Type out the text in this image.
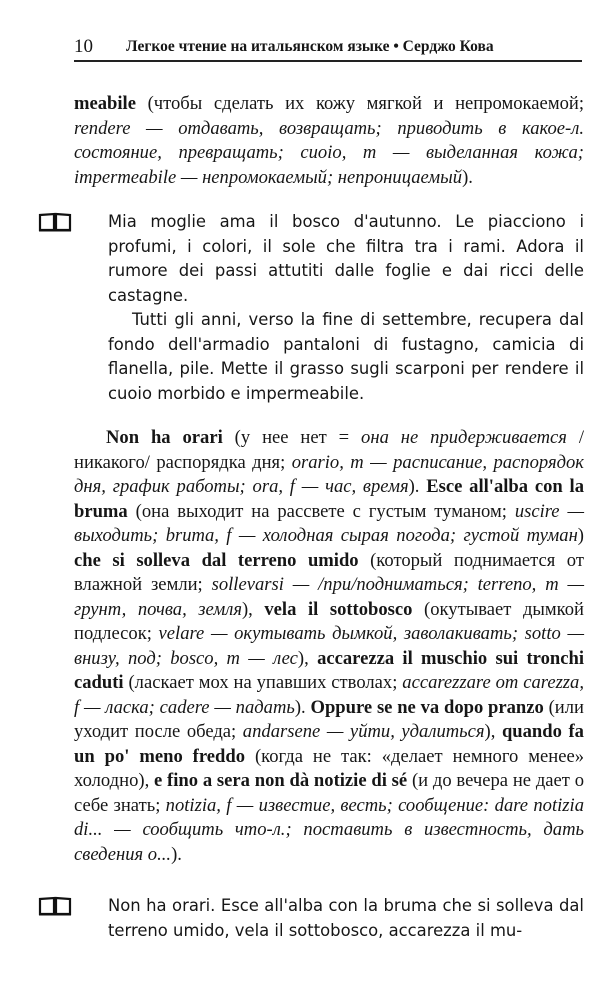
10 Легкое чтение на итальянском языке • Серджо Кова
meabile (чтобы сделать их кожу мягкой и непромокаемой; rendere — отдавать, возвращать; приводить в какое-л. состояние, превращать; cuoio, m — выделанная кожа; impermeabile — непромокаемый; непроницаемый).

Mia moglie ama il bosco d'autunno. Le piacciono i profumi, i colori, il sole che filtra tra i rami. Adora il rumore dei passi attutiti dalle foglie e dai ricci delle castagne.

Tutti gli anni, verso la fine di settembre, recupera dal fondo dell'armadio pantaloni di fustagno, camicia di flanella, pile. Mette il grasso sugli scarponi per rendere il cuoio morbido e impermeabile.

Non ha orari (у нее нет = она не придерживается /никакого/ распорядка дня; orario, m — расписание, распорядок дня, график работы; ora, f — час, время). Esce all'alba con la bruma (она выходит на рассвете с густым туманом; uscire — выходить; bruma, f — холодная сырая погода; густой туман) che si solleva dal terreno umido (который поднимается от влажной земли; sollevarsi — /при/подниматься; terreno, m — грунт, почва, земля), vela il sottobosco (окутывает дымкой подлесок; velare — окутывать дымкой, заволакивать; sotto — внизу, под; bosco, m — лес), accarezza il muschio sui tronchi caduti (ласкает мох на упавших стволах; accarezzare от carezza, f — ласка; cadere — падать). Oppure se ne va dopo pranzo (или уходит после обеда; andarsene — уйти, удалиться), quando fa un po' meno freddo (когда не так: «делает немного менее» холодно), e fino a sera non dà notizie di sé (и до вечера не дает о себе знать; notizia, f — известие, весть; сообщение: dare notizia di... — сообщить что-л.; поставить в известность, дать сведения о...).

Non ha orari. Esce all'alba con la bruma che si solleva dal terreno umido, vela il sottobosco, accarezza il mu-
